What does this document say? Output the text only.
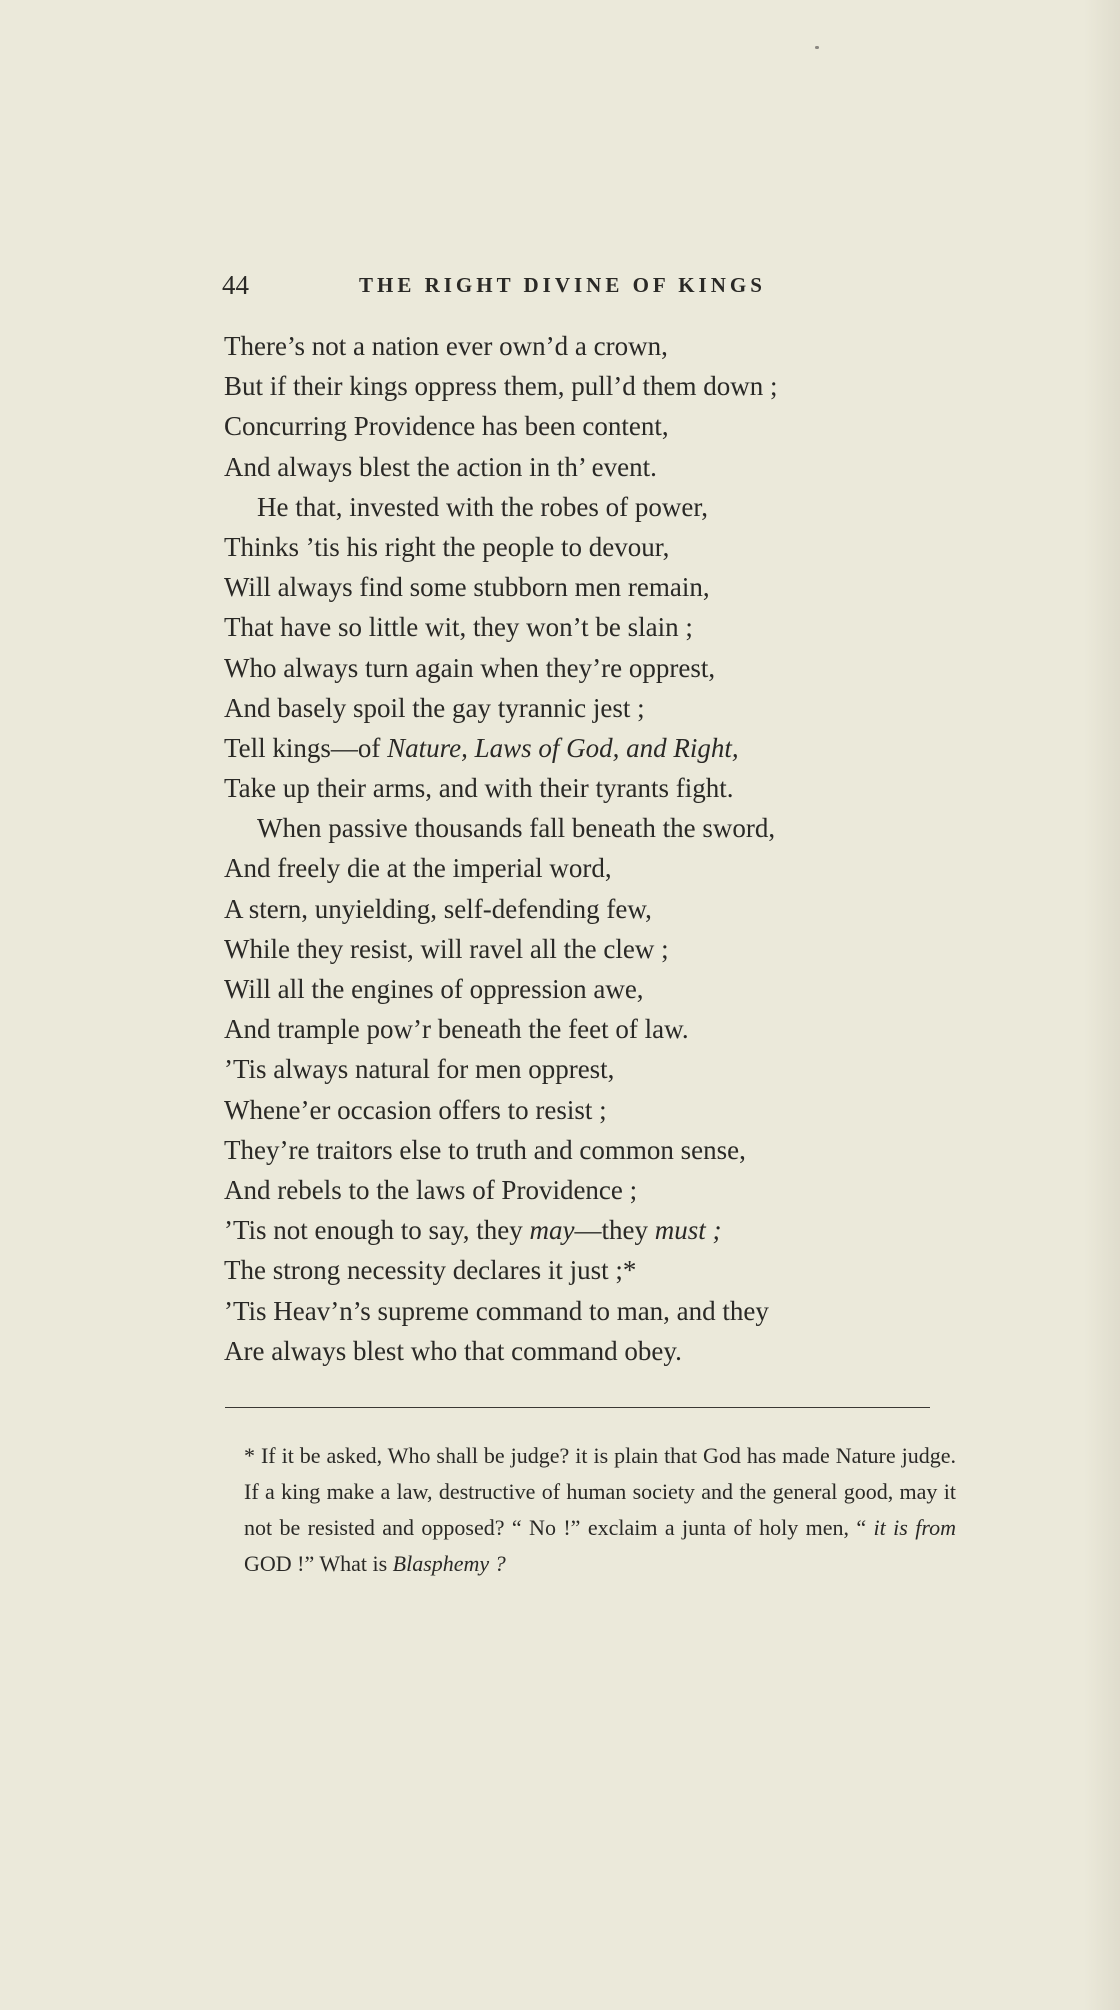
44	THE RIGHT DIVINE OF KINGS
There’s not a nation ever own’d a crown,
But if their kings oppress them, pull’d them down ;
Concurring Providence has been content,
And always blest the action in th’ event.
He that, invested with the robes of power,
Thinks ’tis his right the people to devour,
Will always find some stubborn men remain,
That have so little wit, they won’t be slain ;
Who always turn again when they’re opprest,
And basely spoil the gay tyrannic jest ;
Tell kings—of Nature, Laws of God, and Right,
Take up their arms, and with their tyrants fight.
When passive thousands fall beneath the sword,
And freely die at the imperial word,
A stern, unyielding, self-defending few,
While they resist, will ravel all the clew ;
Will all the engines of oppression awe,
And trample pow’r beneath the feet of law.
’Tis always natural for men opprest,
Whene’er occasion offers to resist ;
They’re traitors else to truth and common sense,
And rebels to the laws of Providence ;
’Tis not enough to say, they may—they must ;
The strong necessity declares it just ;*
’Tis Heav’n’s supreme command to man, and they
Are always blest who that command obey.
* If it be asked, Who shall be judge? it is plain that God has made Nature judge. If a king make a law, destructive of human society and the general good, may it not be resisted and opposed? “ No !” exclaim a junta of holy men, “ it is from GOD !” What is Blasphemy ?
